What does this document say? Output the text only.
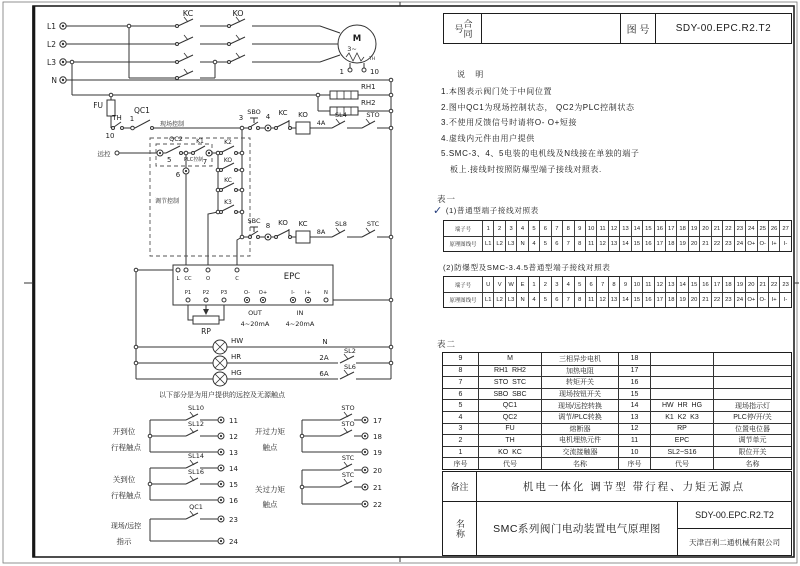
L1
L2
L3
N
KC	KO
M
3~
TH
1	10
RH1
RH2
FU
TH
10
1
QC1
现场控制
3
SBO
4 KC KO
4A
SL4	STO
远控
5
QC2
PLC控制
K1
7
K2
KO
KC
K3
6
调节控制
SBC
8 KO KC
8A
SL8	STC
EPC
L CC	O	C
P1 P2 P3	O- O+	I- I+	N
OUT	IN
4~20mA	4~20mA
RP
HW
HR
HG
N
2A
6A
SL2
SL6
以下部分是为用户提供的远控及无源触点
开到位
行程触点
关到位
行程触点
现场/远控
指示
SL10
SL12
SL14
SL16
QC1
11
12
13
14
15
16
23
24
开过力矩
触点
关过力矩
触点
STO
STO
STC
STC
17
18
19
20
21
22
合同号	图 号	SDY-00.EPC.R2.T2
说 明
1.本图表示阀门处于中间位置
2.图中QC1为现场控制状态， QC2为PLC控制状态
3.不使用反馈信号时请将O- O+短接
4.虚线内元件由用户提供
5.SMC-3、4、5电装的电机线及N线接在单独的端子
板上.接线时按照防爆型端子接线对照表.
表一
✓ (1)普通型端子接线对照表
端子号	1	2	3	4	5	6	7	8	9	10 11 12 13 14 15 16 17 18 19 20 21 22 23 24 25 26 27
原理图线号	L1 L2 L3	N	4	5	6	7	8	11 12 13 14 15 16 17 18 19 20 21 22 23 24 O+ O- I+	I-
(2)防爆型及SMC-3.4.5普通型端子接线对照表
端子号	U	V	W	E	1	2	3	4	5	6	7	8	9	10 11 12 13 14 15 16 17 18 19 20 21 22 23
原理图线号	L1 L2 L3	N	4	5	6	7	8	11 12 13 14 15 16 17 18 19 20 21 22 23 24 O+ O- I+	I-
表二
9	M	三相异步电机	18
8	RH1  RH2	加热电阻	17
7	STO  STC	转矩开关	16
6	SBO  SBC	现场按钮开关	15
5	QC1	现场/远控转换	14	HW  HR  HG	现场指示灯
4	QC2	调节/PLC转换	13	K1  K2  K3	PLC停/开/关
3	FU	熔断器	12	RP	位置电位器
2	TH	电机埋热元件	11	EPC	调节单元
1	KO  KC	交流接触器	10	SL2~S16	限位开关
序号	代号	名称	序号	代号	名称
备注	机电一体化 调节型 带行程、力矩无源点
名称	SMC系列阀门电动装置电气原理图
SDY-00.EPC.R2.T2
天津百利二通机械有限公司
